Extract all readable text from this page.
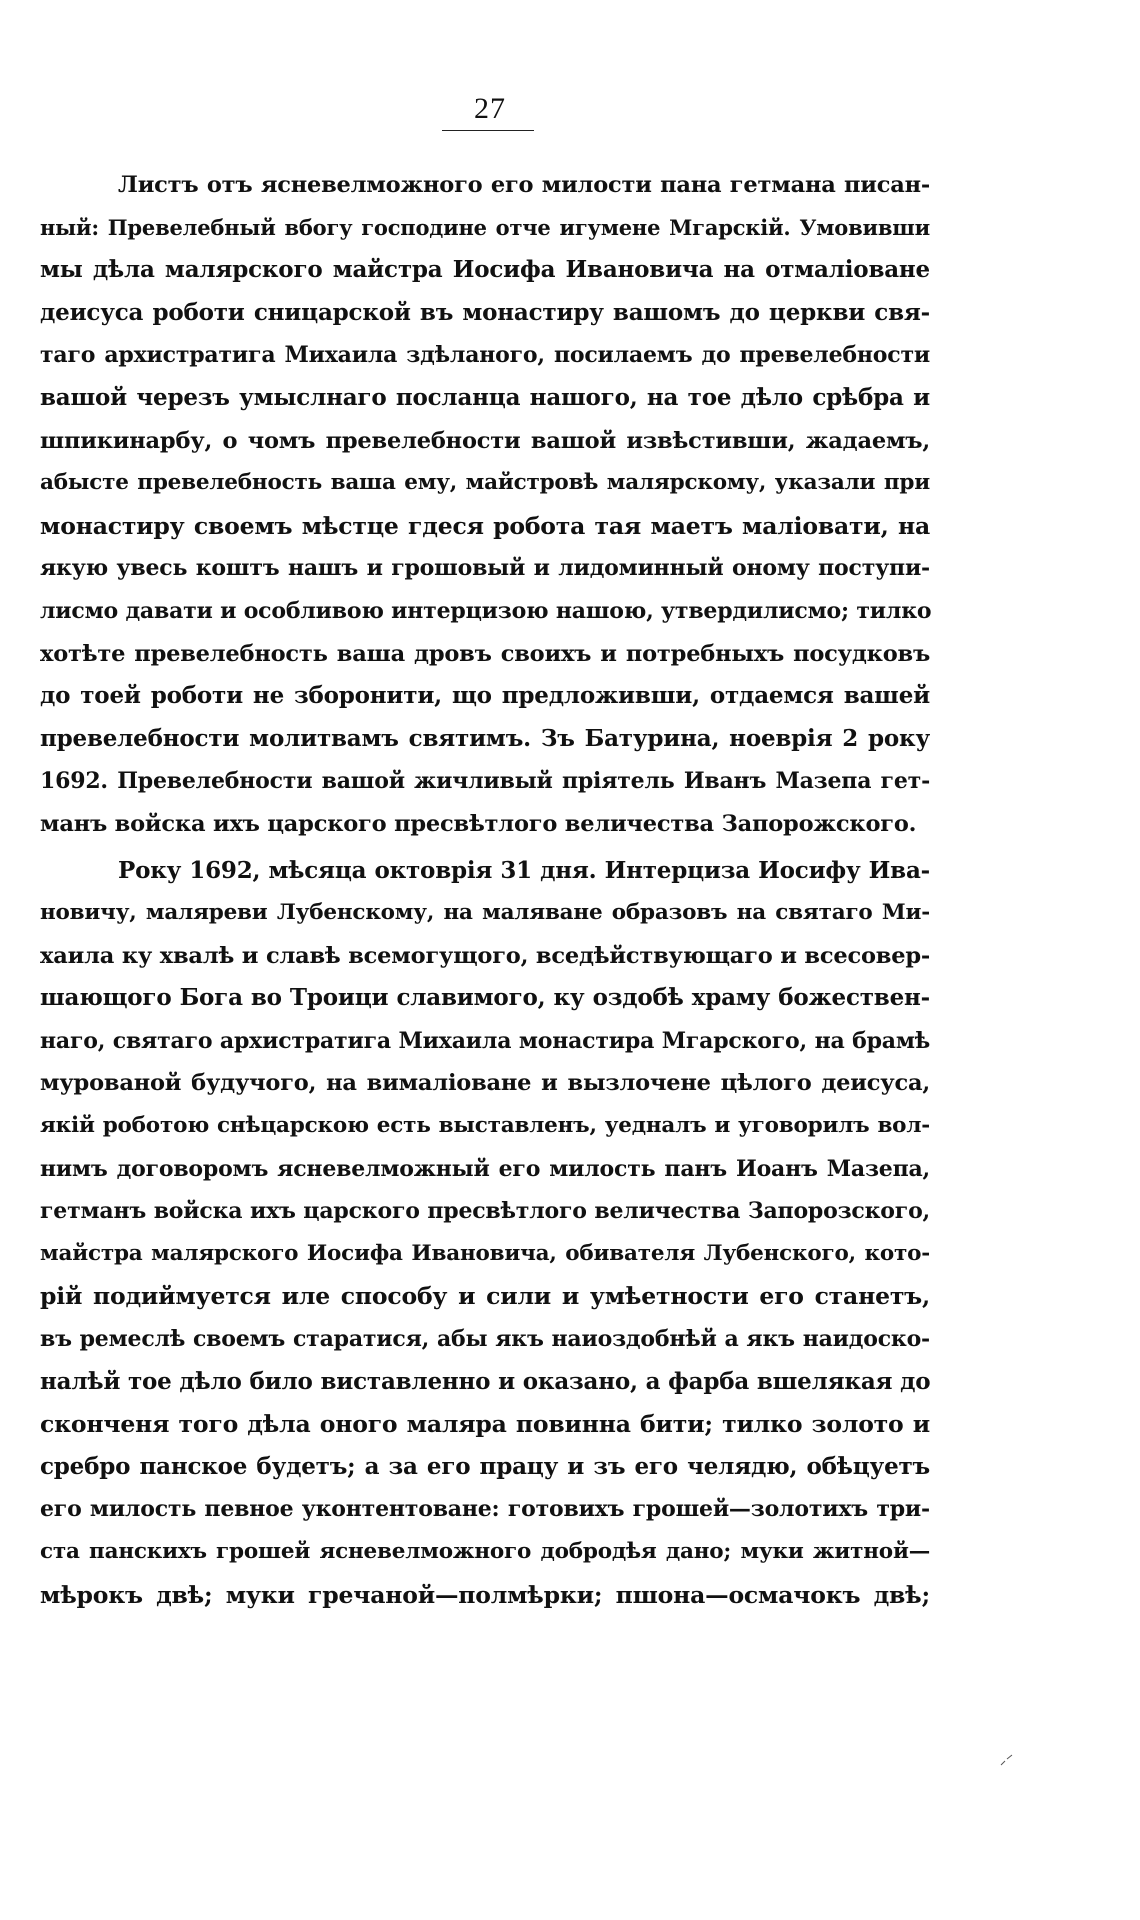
27

Листъ отъ ясневелможного его милости пана гетмана писан-
ный: Превелебный вбогу господине отче игумене Мгарскій. Умовивши
мы дѣла малярского майстра Иосифа Ивановича на отмаліоване
деисуса роботи сницарской въ монастиру вашомъ до церкви свя-
таго архистратига Михаила здѣланого, посилаемъ до превелебности
вашой черезъ умыслнаго посланца нашого, на тое дѣло срѣбра и
шпикинарбу, о чомъ превелебности вашой извѣстивши, жадаемъ,
абысте превелебность ваша ему, майстровѣ малярскому, указали при
монастиру своемъ мѣстце гдеся робота тая маетъ маліовати, на
якую увесь коштъ нашъ и грошовый и лидоминный оному поступи-
лисмо давати и особливою интерцизою нашою, утвердилисмо; тилко
хотѣте превелебность ваша дровъ своихъ и потребныхъ посудковъ
до тоей роботи не зборонити, що предложивши, отдаемся вашей
превелебности молитвамъ святимъ. Зъ Батурина, ноеврія 2 року
1692. Превелебности вашой жичливый пріятель Иванъ Мазепа гет-
манъ войска ихъ царского пресвѣтлого величества Запорожского.

Року 1692, мѣсяца октоврія 31 дня. Интерциза Иосифу Ива-
новичу, маляреви Лубенскому, на маляване образовъ на святаго Ми-
хаила ку хвалѣ и славѣ всемогущого, вседѣйствующаго и всесовер-
шающого Бога во Троици славимого, ку оздобѣ храму божествен-
наго, святаго архистратига Михаила монастира Мгарского, на брамѣ
мурованой будучого, на вималіоване и вызлочене цѣлого деисуса,
якій роботою снѣцарскою есть выставленъ, уедналъ и уговорилъ вол-
нимъ договоромъ ясневелможный его милость панъ Иоанъ Мазепа,
гетманъ войска ихъ царского пресвѣтлого величества Запорозского,
майстра малярского Иосифа Ивановича, обивателя Лубенского, кото-
рій подиймуется иле способу и сили и умѣетности его станетъ,
въ ремеслѣ своемъ старатися, абы якъ наиоздобнѣй а якъ наидоско-
налѣй тое дѣло било виставленно и оказано, а фарба вшелякая до
сконченя того дѣла оного маляра повинна бити; тилко золото и
сребро панское будетъ; а за его працу и зъ его челядю, обѣцуетъ
его милость певное уконтентоване: готовихъ грошей—золотихъ три-
ста панскихъ грошей ясневелможного добродѣя дано; муки житной—
мѣрокъ двѣ; муки гречаной—полмѣрки; пшона—осмачокъ двѣ;
